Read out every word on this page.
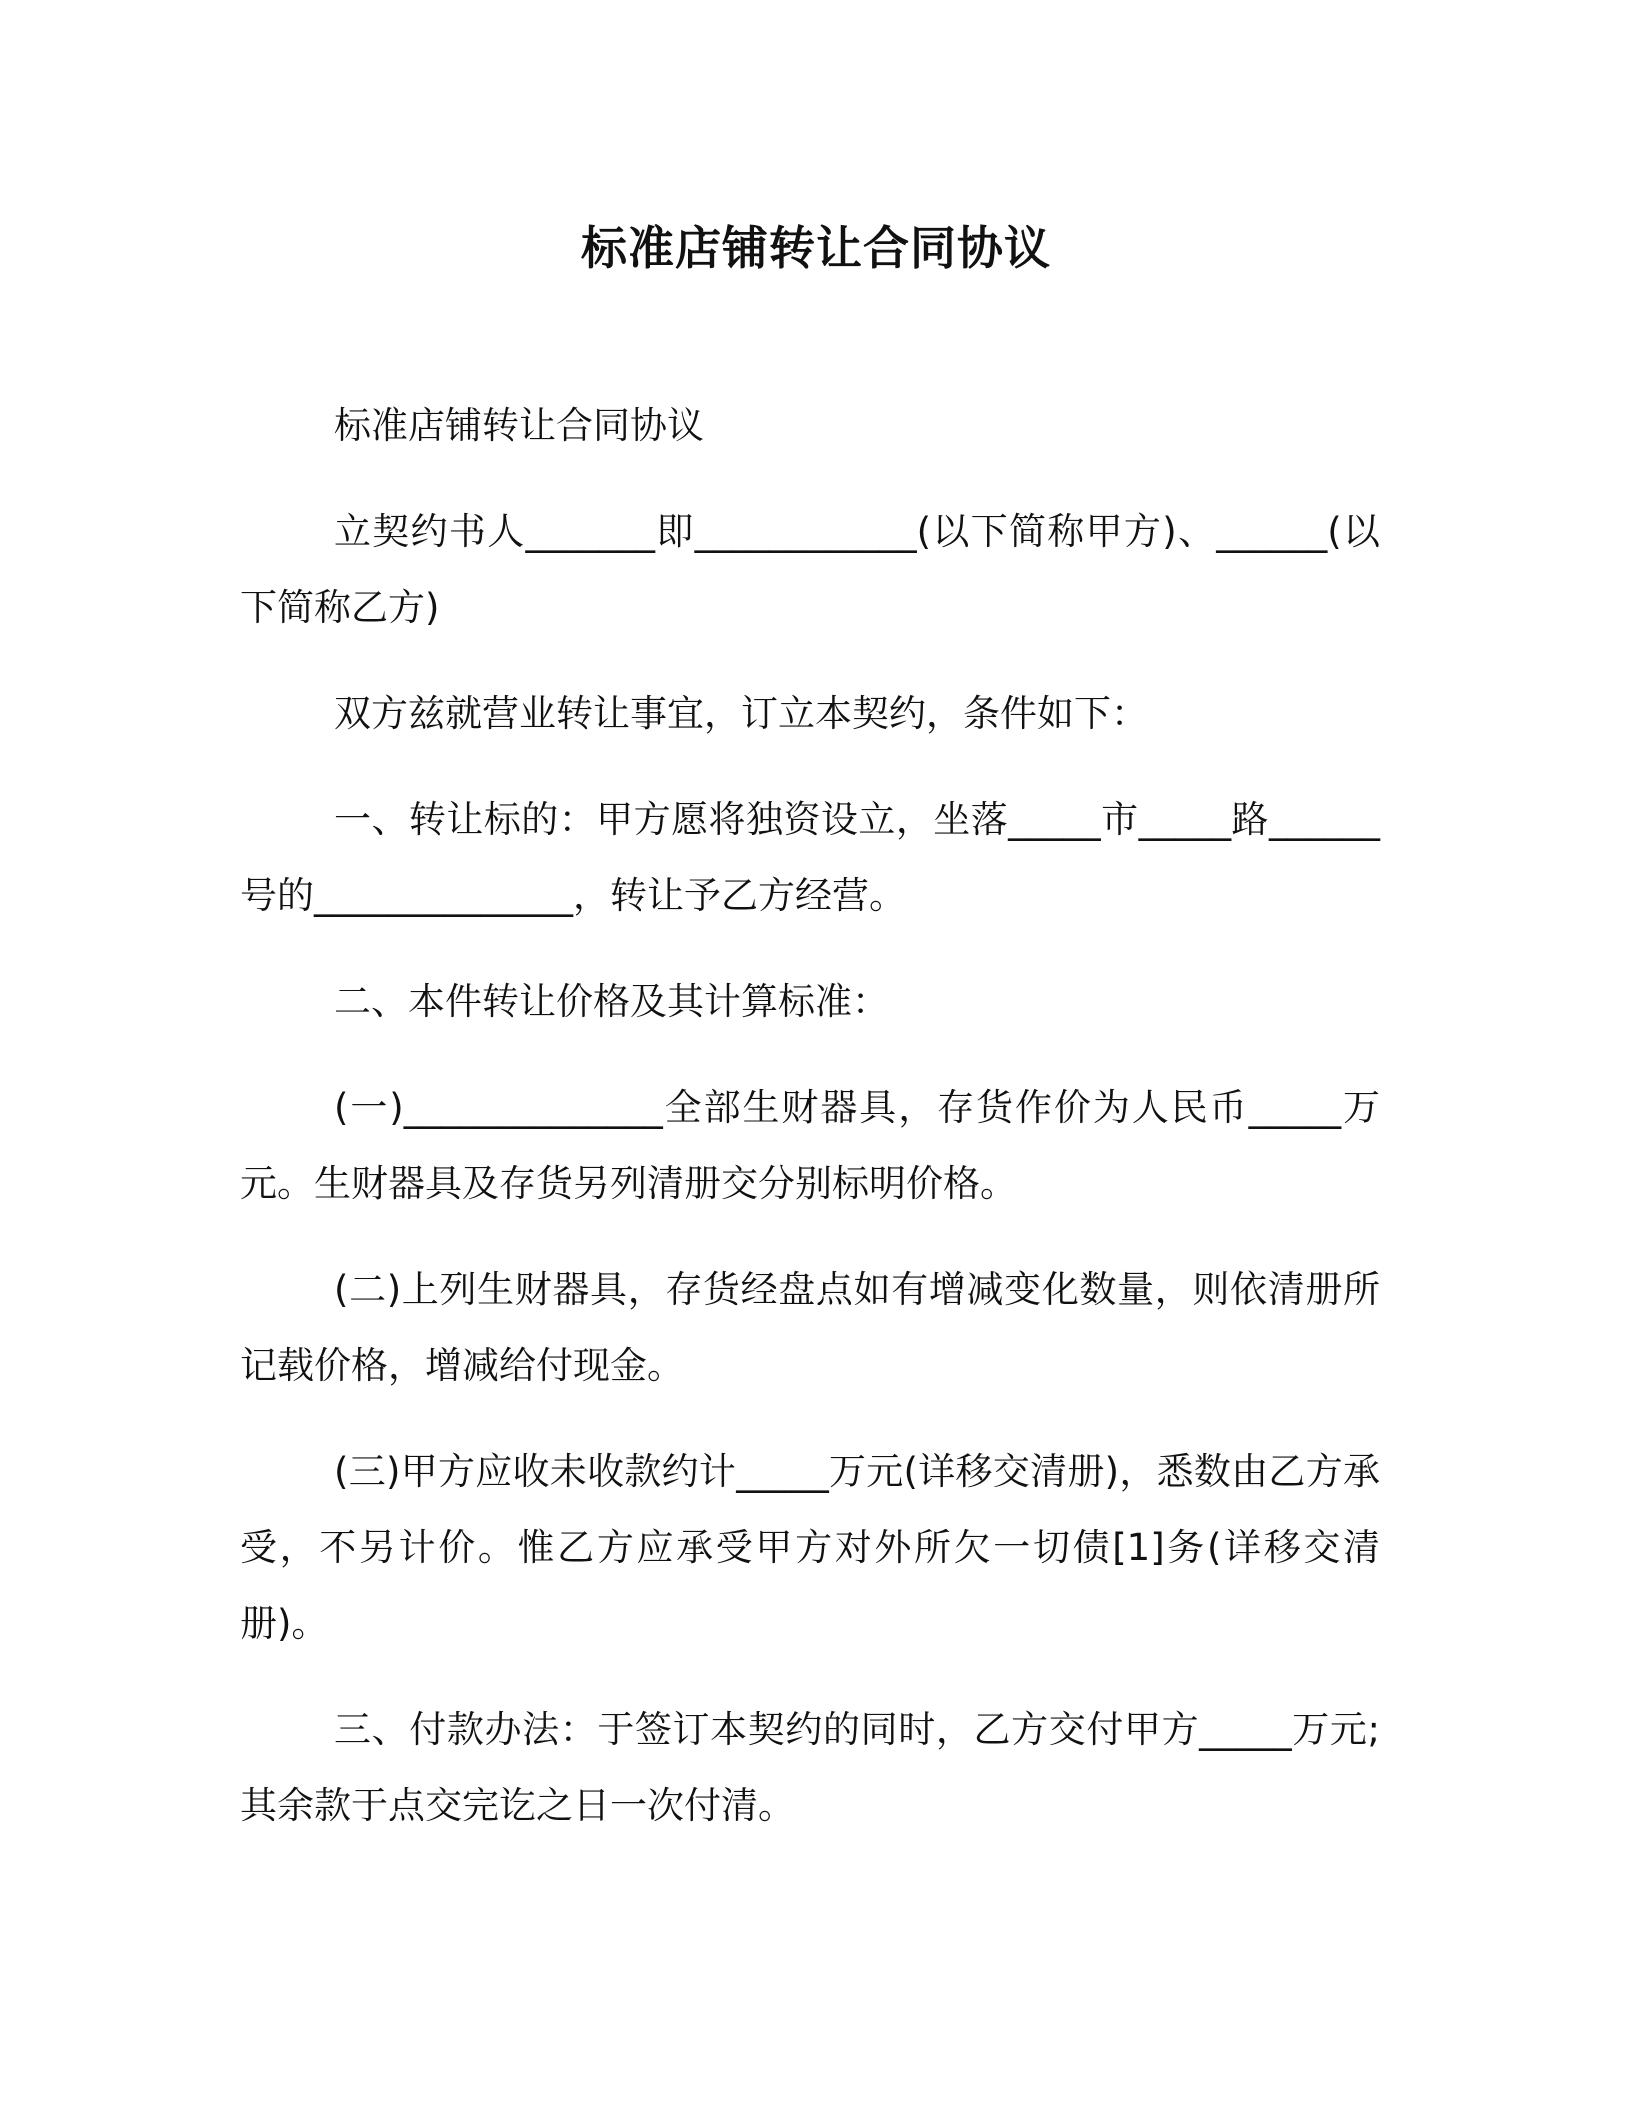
标准店铺转让合同协议

标准店铺转让合同协议

立契约书人_______即____________(以下简称甲方)、______(以下简称乙方)

双方兹就营业转让事宜，订立本契约，条件如下：

一、转让标的：甲方愿将独资设立，坐落_____市_____路______号的______________，转让予乙方经营。

二、本件转让价格及其计算标准：

(一)______________全部生财器具，存货作价为人民币_____万元。生财器具及存货另列清册交分别标明价格。

(二)上列生财器具，存货经盘点如有增减变化数量，则依清册所记载价格，增减给付现金。

(三)甲方应收未收款约计_____万元(详移交清册)，悉数由乙方承受，不另计价。惟乙方应承受甲方对外所欠一切债[1]务(详移交清册)。

三、付款办法：于签订本契约的同时，乙方交付甲方_____万元;其余款于点交完讫之日一次付清。
